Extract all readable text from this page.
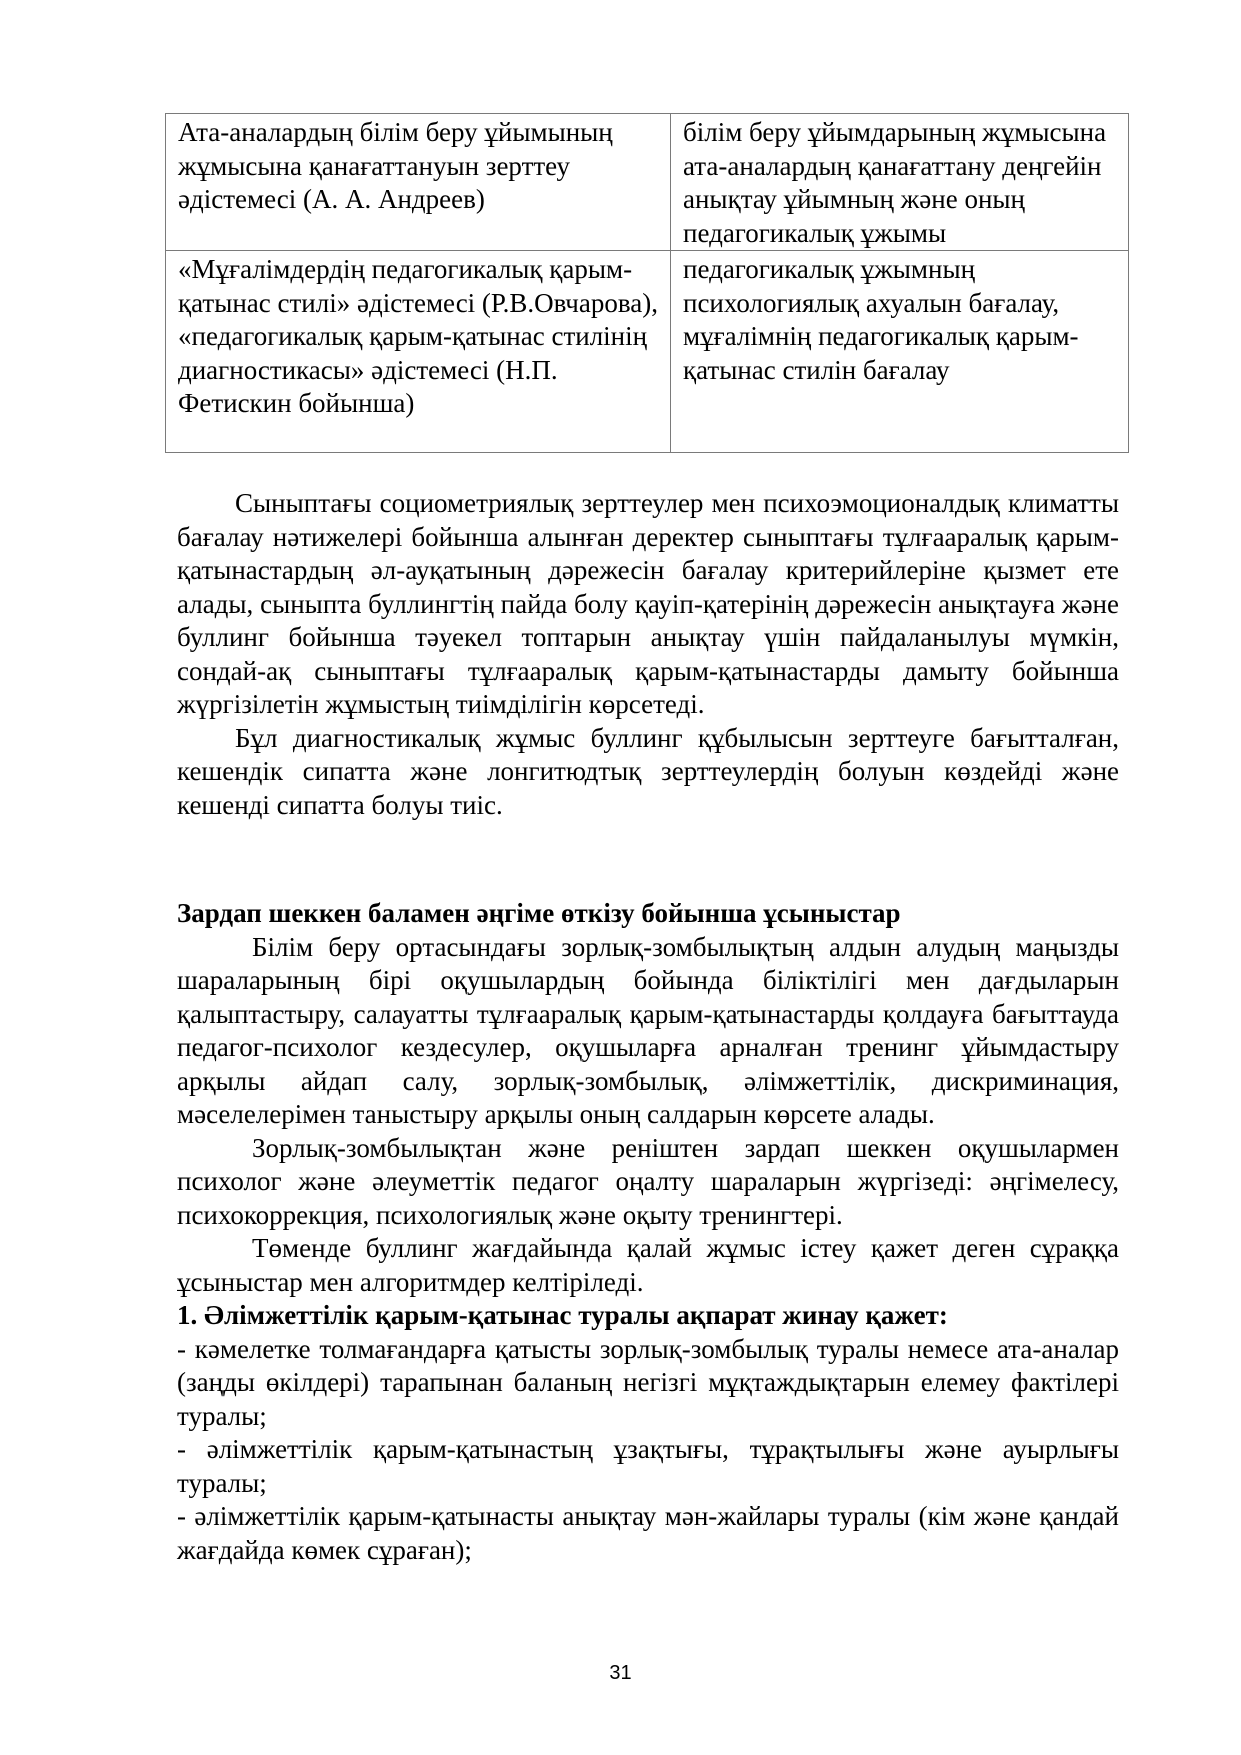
Ата-аналардың білім беру ұйымының жұмысына қанағаттануын зерттеу әдістемесі (А. А. Андреев)	білім беру ұйымдарының жұмысына ата-аналардың қанағаттану деңгейін анықтау ұйымның және оның педагогикалық ұжымы
«Мұғалімдердің педагогикалық қарым-қатынас стилі» әдістемесі (Р.В.Овчарова), «педагогикалық қарым-қатынас стилінің диагностикасы» әдістемесі (Н.П. Фетискин бойынша)	педагогикалық ұжымның психологиялық ахуалын бағалау, мұғалімнің педагогикалық қарым-қатынас стилін бағалау

Сыныптағы социометриялық зерттеулер мен психоэмоционалдық климатты бағалау нәтижелері бойынша алынған деректер сыныптағы тұлғааралық қарым-қатынастардың әл-ауқатының дәрежесін бағалау критерийлеріне қызмет ете алады, сыныпта буллингтің пайда болу қауіп-қатерінің дәрежесін анықтауға және буллинг бойынша тәуекел топтарын анықтау үшін пайдаланылуы мүмкін, сондай-ақ сыныптағы тұлғааралық қарым-қатынастарды дамыту бойынша жүргізілетін жұмыстың тиімділігін көрсетеді.

Бұл диагностикалық жұмыс буллинг құбылысын зерттеуге бағытталған, кешендік сипатта және лонгитюдтық зерттеулердің болуын көздейді және кешенді сипатта болуы тиіс.

Зардап шеккен баламен әңгіме өткізу бойынша ұсыныстар

Білім беру ортасындағы зорлық-зомбылықтың алдын алудың маңызды шараларының бірі оқушылардың бойында біліктілігі мен дағдыларын қалыптастыру, салауатты тұлғааралық қарым-қатынастарды қолдауға бағыттауда педагог-психолог кездесулер, оқушыларға арналған тренинг ұйымдастыру арқылы айдап салу, зорлық-зомбылық, әлімжеттілік, дискриминация, мәселелерімен таныстыру арқылы оның салдарын көрсете алады.

Зорлық-зомбылықтан және реніштен зардап шеккен оқушылармен психолог және әлеуметтік педагог оңалту шараларын жүргізеді: әңгімелесу, психокоррекция, психологиялық және оқыту тренингтері.

Төменде буллинг жағдайында қалай жұмыс істеу қажет деген сұраққа ұсыныстар мен алгоритмдер келтіріледі.

1. Әлімжеттілік қарым-қатынас туралы ақпарат жинау қажет:

- кәмелетке толмағандарға қатысты зорлық-зомбылық туралы немесе ата-аналар (заңды өкілдері) тарапынан баланың негізгі мұқтаждықтарын елемеу фактілері туралы;

- әлімжеттілік қарым-қатынастың ұзақтығы, тұрақтылығы және ауырлығы туралы;

- әлімжеттілік қарым-қатынасты анықтау мән-жайлары туралы (кім және қандай жағдайда көмек сұраған);

31
